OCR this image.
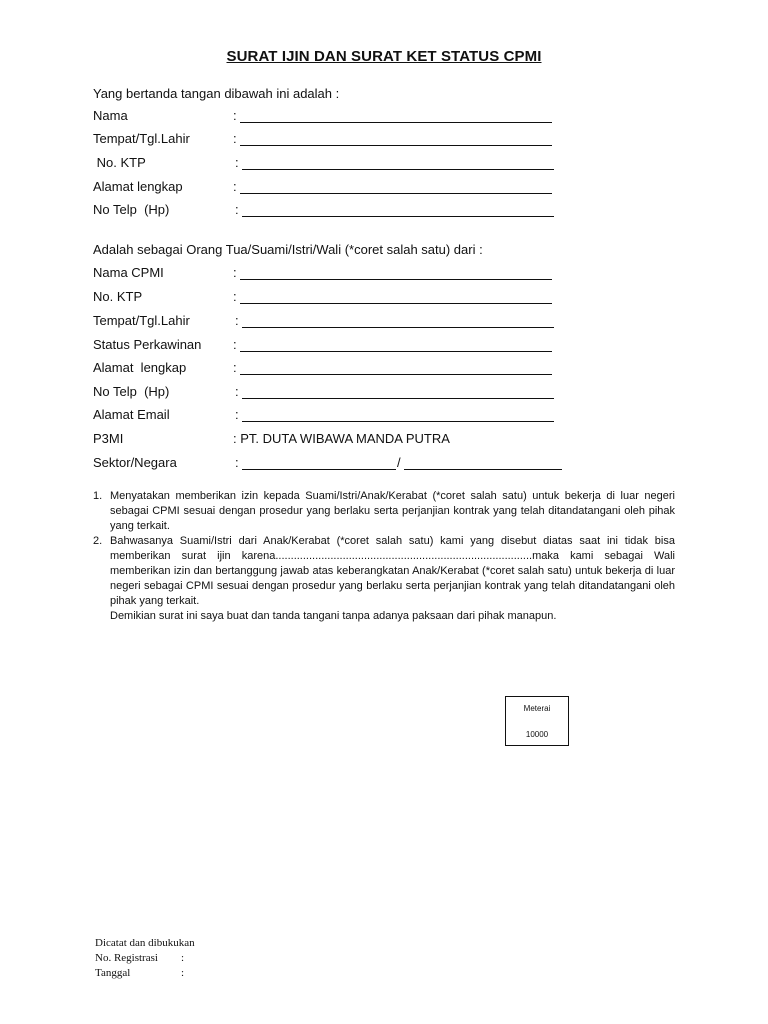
SURAT IJIN DAN SURAT KET STATUS CPMI
Yang bertanda tangan dibawah ini adalah :
Nama	:
Tempat/Tgl.Lahir	:
No. KTP	:
Alamat lengkap	:
No Telp  (Hp)	:
Adalah sebagai Orang Tua/Suami/Istri/Wali (*coret salah satu) dari :
Nama CPMI	:
No. KTP	:
Tempat/Tgl.Lahir	:
Status Perkawinan :
Alamat  lengkap	:
No Telp  (Hp)	:
Alamat Email	:
P3MI	: PT. DUTA WIBAWA MANDA PUTRA
Sektor/Negara	:	/
1. Menyatakan memberikan izin kepada Suami/Istri/Anak/Kerabat (*coret salah satu) untuk bekerja di luar negeri sebagai CPMI sesuai dengan prosedur yang berlaku serta perjanjian kontrak yang telah ditandatangani oleh pihak yang terkait.

2. Bahwasanya Suami/Istri dari Anak/Kerabat (*coret salah satu) kami yang disebut diatas saat ini tidak bisa memberikan surat ijin karena....................................................................................maka kami sebagai Wali memberikan izin dan bertanggung jawab atas keberangkatan Anak/Kerabat (*coret salah satu) untuk bekerja di luar negeri sebagai CPMI sesuai dengan prosedur yang berlaku serta perjanjian kontrak yang telah ditandatangani oleh pihak yang terkait.

Demikian surat ini saya buat dan tanda tangani tanpa adanya paksaan dari pihak manapun.
Meterai
10000
Dicatat dan dibukukan
No. Registrasi :
Tanggal	:
